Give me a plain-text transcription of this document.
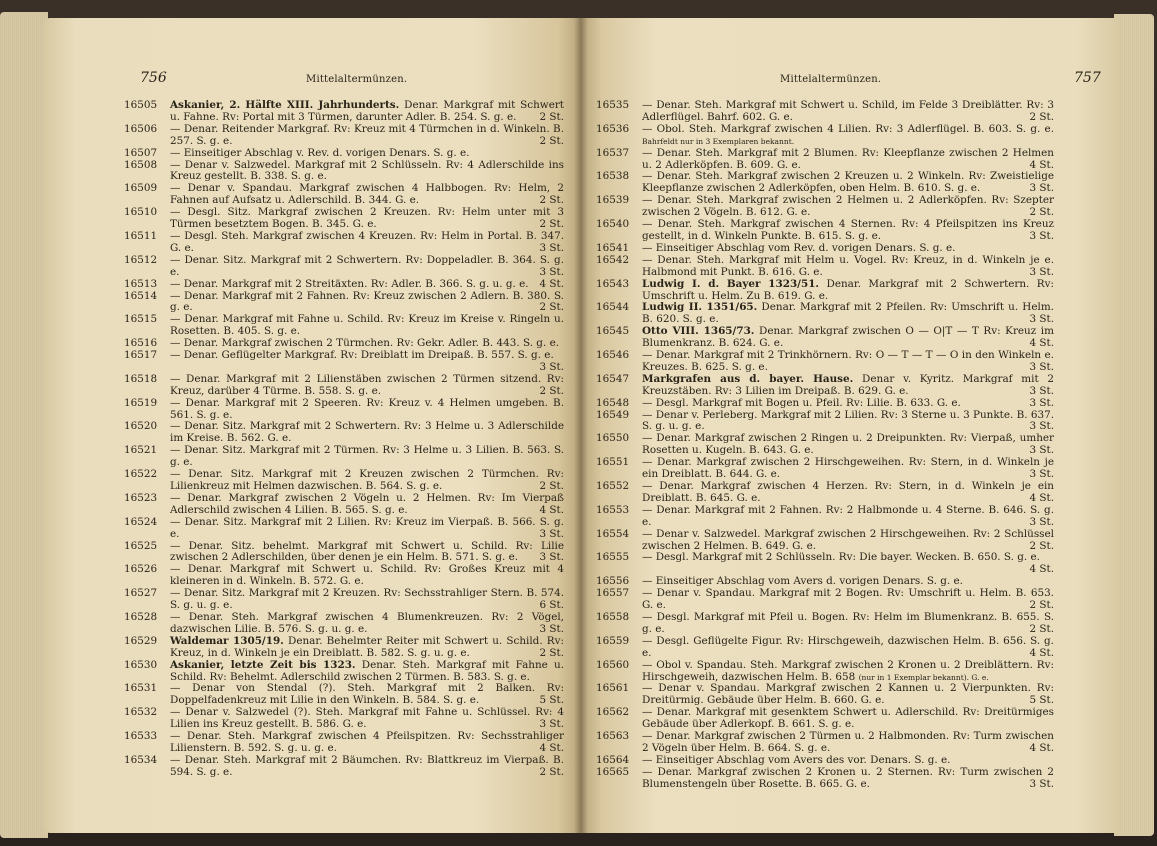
756	Mittelaltermünzen.

16505	Askanier, 2. Hälfte XIII. Jahrhunderts. Denar. Markgraf mit Schwert u. Fahne. Rv: Portal mit 3 Türmen, darunter Adler. B. 254. S. g. e. 2 St.

16506	— Denar. Reitender Markgraf. Rv: Kreuz mit 4 Türmchen in d. Winkeln. B. 257. S. g. e.	2 St.

16507	— Einseitiger Abschlag v. Rev. d. vorigen Denars. S. g. e.

16508	— Denar v. Salzwedel. Markgraf mit 2 Schlüsseln. Rv: 4 Adlerschilde ins Kreuz gestellt. B. 338. S. g. e.

16509	— Denar v. Spandau. Markgraf zwischen 4 Halbbogen. Rv: Helm, 2 Fahnen auf Aufsatz u. Adlerschild. B. 344. G. e.	2 St.

16510	— Desgl. Sitz. Markgraf zwischen 2 Kreuzen. Rv: Helm unter mit 3 Türmen besetztem Bogen. B. 345. G. e.	2 St.

16511	— Desgl. Steh. Markgraf zwischen 4 Kreuzen. Rv: Helm in Portal. B. 347. G. e.	3 St.

16512	— Denar. Sitz. Markgraf mit 2 Schwertern. Rv: Doppeladler. B. 364. S. g. e.	3 St.

16513	— Denar. Markgraf mit 2 Streitäxten. Rv: Adler. B. 366. S. g. u. g. e. 4 St.

16514	— Denar. Markgraf mit 2 Fahnen. Rv: Kreuz zwischen 2 Adlern. B. 380. S. g. e.	2 St.

16515	— Denar. Markgraf mit Fahne u. Schild. Rv: Kreuz im Kreise v. Ringeln u. Rosetten. B. 405. S. g. e.

16516	— Denar. Markgraf zwischen 2 Türmchen. Rv: Gekr. Adler. B. 443. S. g. e.

16517	— Denar. Geflügelter Markgraf. Rv: Dreiblatt im Dreipaß. B. 557. S. g. e.
3 St.

16518	— Denar. Markgraf mit 2 Lilienstäben zwischen 2 Türmen sitzend. Rv: Kreuz, darüber 4 Türme. B. 558. S. g. e.	2 St.

16519	— Denar. Markgraf mit 2 Speeren. Rv: Kreuz v. 4 Helmen umgeben. B. 561. S. g. e.

16520	— Denar. Sitz. Markgraf mit 2 Schwertern. Rv: 3 Helme u. 3 Adlerschilde im Kreise. B. 562. G. e.

16521	— Denar. Sitz. Markgraf mit 2 Türmen. Rv: 3 Helme u. 3 Lilien. B. 563. S. g. e.

16522	— Denar. Sitz. Markgraf mit 2 Kreuzen zwischen 2 Türmchen. Rv: Lilienkreuz mit Helmen dazwischen. B. 564. S. g. e.	2 St.

16523	— Denar. Markgraf zwischen 2 Vögeln u. 2 Helmen. Rv: Im Vierpaß Adlerschild zwischen 4 Lilien. B. 565. S. g. e.	4 St.

16524	— Denar. Sitz. Markgraf mit 2 Lilien. Rv: Kreuz im Vierpaß. B. 566. S. g. e.	3 St.

16525	— Denar. Sitz. behelmt. Markgraf mit Schwert u. Schild. Rv: Lilie zwischen 2 Adlerschilden, über denen je ein Helm. B. 571. S. g. e. 3 St.

16526	— Denar. Markgraf mit Schwert u. Schild. Rv: Großes Kreuz mit 4 kleineren in d. Winkeln. B. 572. G. e.

16527	— Denar. Sitz. Markgraf mit 2 Kreuzen. Rv: Sechsstrahliger Stern. B. 574. S. g. u. g. e.	6 St.

16528	— Denar. Steh. Markgraf zwischen 4 Blumenkreuzen. Rv: 2 Vögel, dazwischen Lilie. B. 576. S. g. u. g. e.	3 St.

16529	Waldemar 1305/19. Denar. Behelmter Reiter mit Schwert u. Schild. Rv: Kreuz, in d. Winkeln je ein Dreiblatt. B. 582. S. g. u. g. e.	2 St.

16530	Askanier, letzte Zeit bis 1323. Denar. Steh. Markgraf mit Fahne u. Schild. Rv: Behelmt. Adlerschild zwischen 2 Türmen. B. 583. S. g. e.

16531	— Denar von Stendal (?). Steh. Markgraf mit 2 Balken. Rv: Doppelfadenkreuz mit Lilie in den Winkeln. B. 584. S. g. e.	5 St.

16532	— Denar v. Salzwedel (?). Steh. Markgraf mit Fahne u. Schlüssel. Rv: 4 Lilien ins Kreuz gestellt. B. 586. G. e.	3 St.

16533	— Denar. Steh. Markgraf zwischen 4 Pfeilspitzen. Rv: Sechsstrahliger Lilienstern. B. 592. S. g. u. g. e.	4 St.

16534	— Denar. Steh. Markgraf mit 2 Bäumchen. Rv: Blattkreuz im Vierpaß. B. 594. S. g. e.	2 St.

Mittelaltermünzen.	757

16535	— Denar. Steh. Markgraf mit Schwert u. Schild, im Felde 3 Dreiblätter. Rv: 3 Adlerflügel. Bahrf. 602. G. e.	2 St.

16536	— Obol. Steh. Markgraf zwischen 4 Lilien. Rv: 3 Adlerflügel. B. 603. S. g. e. Bahrfeldt nur in 3 Exemplaren bekannt.

16537	— Denar. Steh. Markgraf mit 2 Blumen. Rv: Kleepflanze zwischen 2 Helmen u. 2 Adlerköpfen. B. 609. G. e.	4 St.

16538	— Denar. Steh. Markgraf zwischen 2 Kreuzen u. 2 Winkeln. Rv: Zweistielige Kleepflanze zwischen 2 Adlerköpfen, oben Helm. B. 610. S. g. e.	3 St.

16539	— Denar. Steh. Markgraf zwischen 2 Helmen u. 2 Adlerköpfen. Rv: Szepter zwischen 2 Vögeln. B. 612. G. e.	2 St.

16540	— Denar. Steh. Markgraf zwischen 4 Sternen. Rv: 4 Pfeilspitzen ins Kreuz gestellt, in d. Winkeln Punkte. B. 615. S. g. e.	3 St.

16541	— Einseitiger Abschlag vom Rev. d. vorigen Denars. S. g. e.

16542	— Denar. Steh. Markgraf mit Helm u. Vogel. Rv: Kreuz, in d. Winkeln je e. Halbmond mit Punkt. B. 616. G. e.	3 St.

16543	Ludwig I. d. Bayer 1323/51. Denar. Markgraf mit 2 Schwertern. Rv: Umschrift u. Helm. Zu B. 619. G. e.

16544	Ludwig II. 1351/65. Denar. Markgraf mit 2 Pfeilen. Rv: Umschrift u. Helm. B. 620. S. g. e.	3 St.

16545	Otto VIII. 1365/73. Denar. Markgraf zwischen O — O|T — T Rv: Kreuz im Blumenkranz. B. 624. G. e.	4 St.

16546	— Denar. Markgraf mit 2 Trinkhörnern. Rv: O — T — T — O in den Winkeln e. Kreuzes. B. 625. S. g. e.	3 St.

16547	Markgrafen aus d. bayer. Hause. Denar v. Kyritz. Markgraf mit 2 Kreuzstäben. Rv: 3 Lilien im Dreipaß. B. 629. G. e.	3 St.

16548	— Desgl. Markgraf mit Bogen u. Pfeil. Rv: Lilie. B. 633. G. e.	3 St.

16549	— Denar v. Perleberg. Markgraf mit 2 Lilien. Rv: 3 Sterne u. 3 Punkte. B. 637. S. g. u. g. e.	3 St.

16550	— Denar. Markgraf zwischen 2 Ringen u. 2 Dreipunkten. Rv: Vierpaß, umher Rosetten u. Kugeln. B. 643. G. e.	3 St.

16551	— Denar. Markgraf zwischen 2 Hirschgeweihen. Rv: Stern, in d. Winkeln je ein Dreiblatt. B. 644. G. e.	3 St.

16552	— Denar. Markgraf zwischen 4 Herzen. Rv: Stern, in d. Winkeln je ein Dreiblatt. B. 645. G. e.	4 St.

16553	— Denar. Markgraf mit 2 Fahnen. Rv: 2 Halbmonde u. 4 Sterne. B. 646. S. g. e.	3 St.

16554	— Denar v. Salzwedel. Markgraf zwischen 2 Hirschgeweihen. Rv: 2 Schlüssel zwischen 2 Helmen. B. 649. G. e.	2 St.

16555	— Desgl. Markgraf mit 2 Schlüsseln. Rv: Die bayer. Wecken. B. 650. S. g. e.
4 St.

16556	— Einseitiger Abschlag vom Avers d. vorigen Denars. S. g. e.

16557	— Denar v. Spandau. Markgraf mit 2 Bogen. Rv: Umschrift u. Helm. B. 653. G. e.	2 St.

16558	— Desgl. Markgraf mit Pfeil u. Bogen. Rv: Helm im Blumenkranz. B. 655. S. g. e.	2 St.

16559	— Desgl. Geflügelte Figur. Rv: Hirschgeweih, dazwischen Helm. B. 656. S. g. e.	4 St.

16560	— Obol v. Spandau. Steh. Markgraf zwischen 2 Kronen u. 2 Dreiblättern. Rv: Hirschgeweih, dazwischen Helm. B. 658 (nur in 1 Exemplar bekannt). G. e.

16561	— Denar v. Spandau. Markgraf zwischen 2 Kannen u. 2 Vierpunkten. Rv: Dreitürmig. Gebäude über Helm. B. 660. G. e.	5 St.

16562	— Denar. Markgraf mit gesenktem Schwert u. Adlerschild. Rv: Dreitürmiges Gebäude über Adlerkopf. B. 661. S. g. e.

16563	— Denar. Markgraf zwischen 2 Türmen u. 2 Halbmonden. Rv: Turm zwischen 2 Vögeln über Helm. B. 664. S. g. e.	4 St.

16564	— Einseitiger Abschlag vom Avers des vor. Denars. S. g. e.

16565	— Denar. Markgraf zwischen 2 Kronen u. 2 Sternen. Rv: Turm zwischen 2 Blumenstengeln über Rosette. B. 665. G. e.	3 St.
